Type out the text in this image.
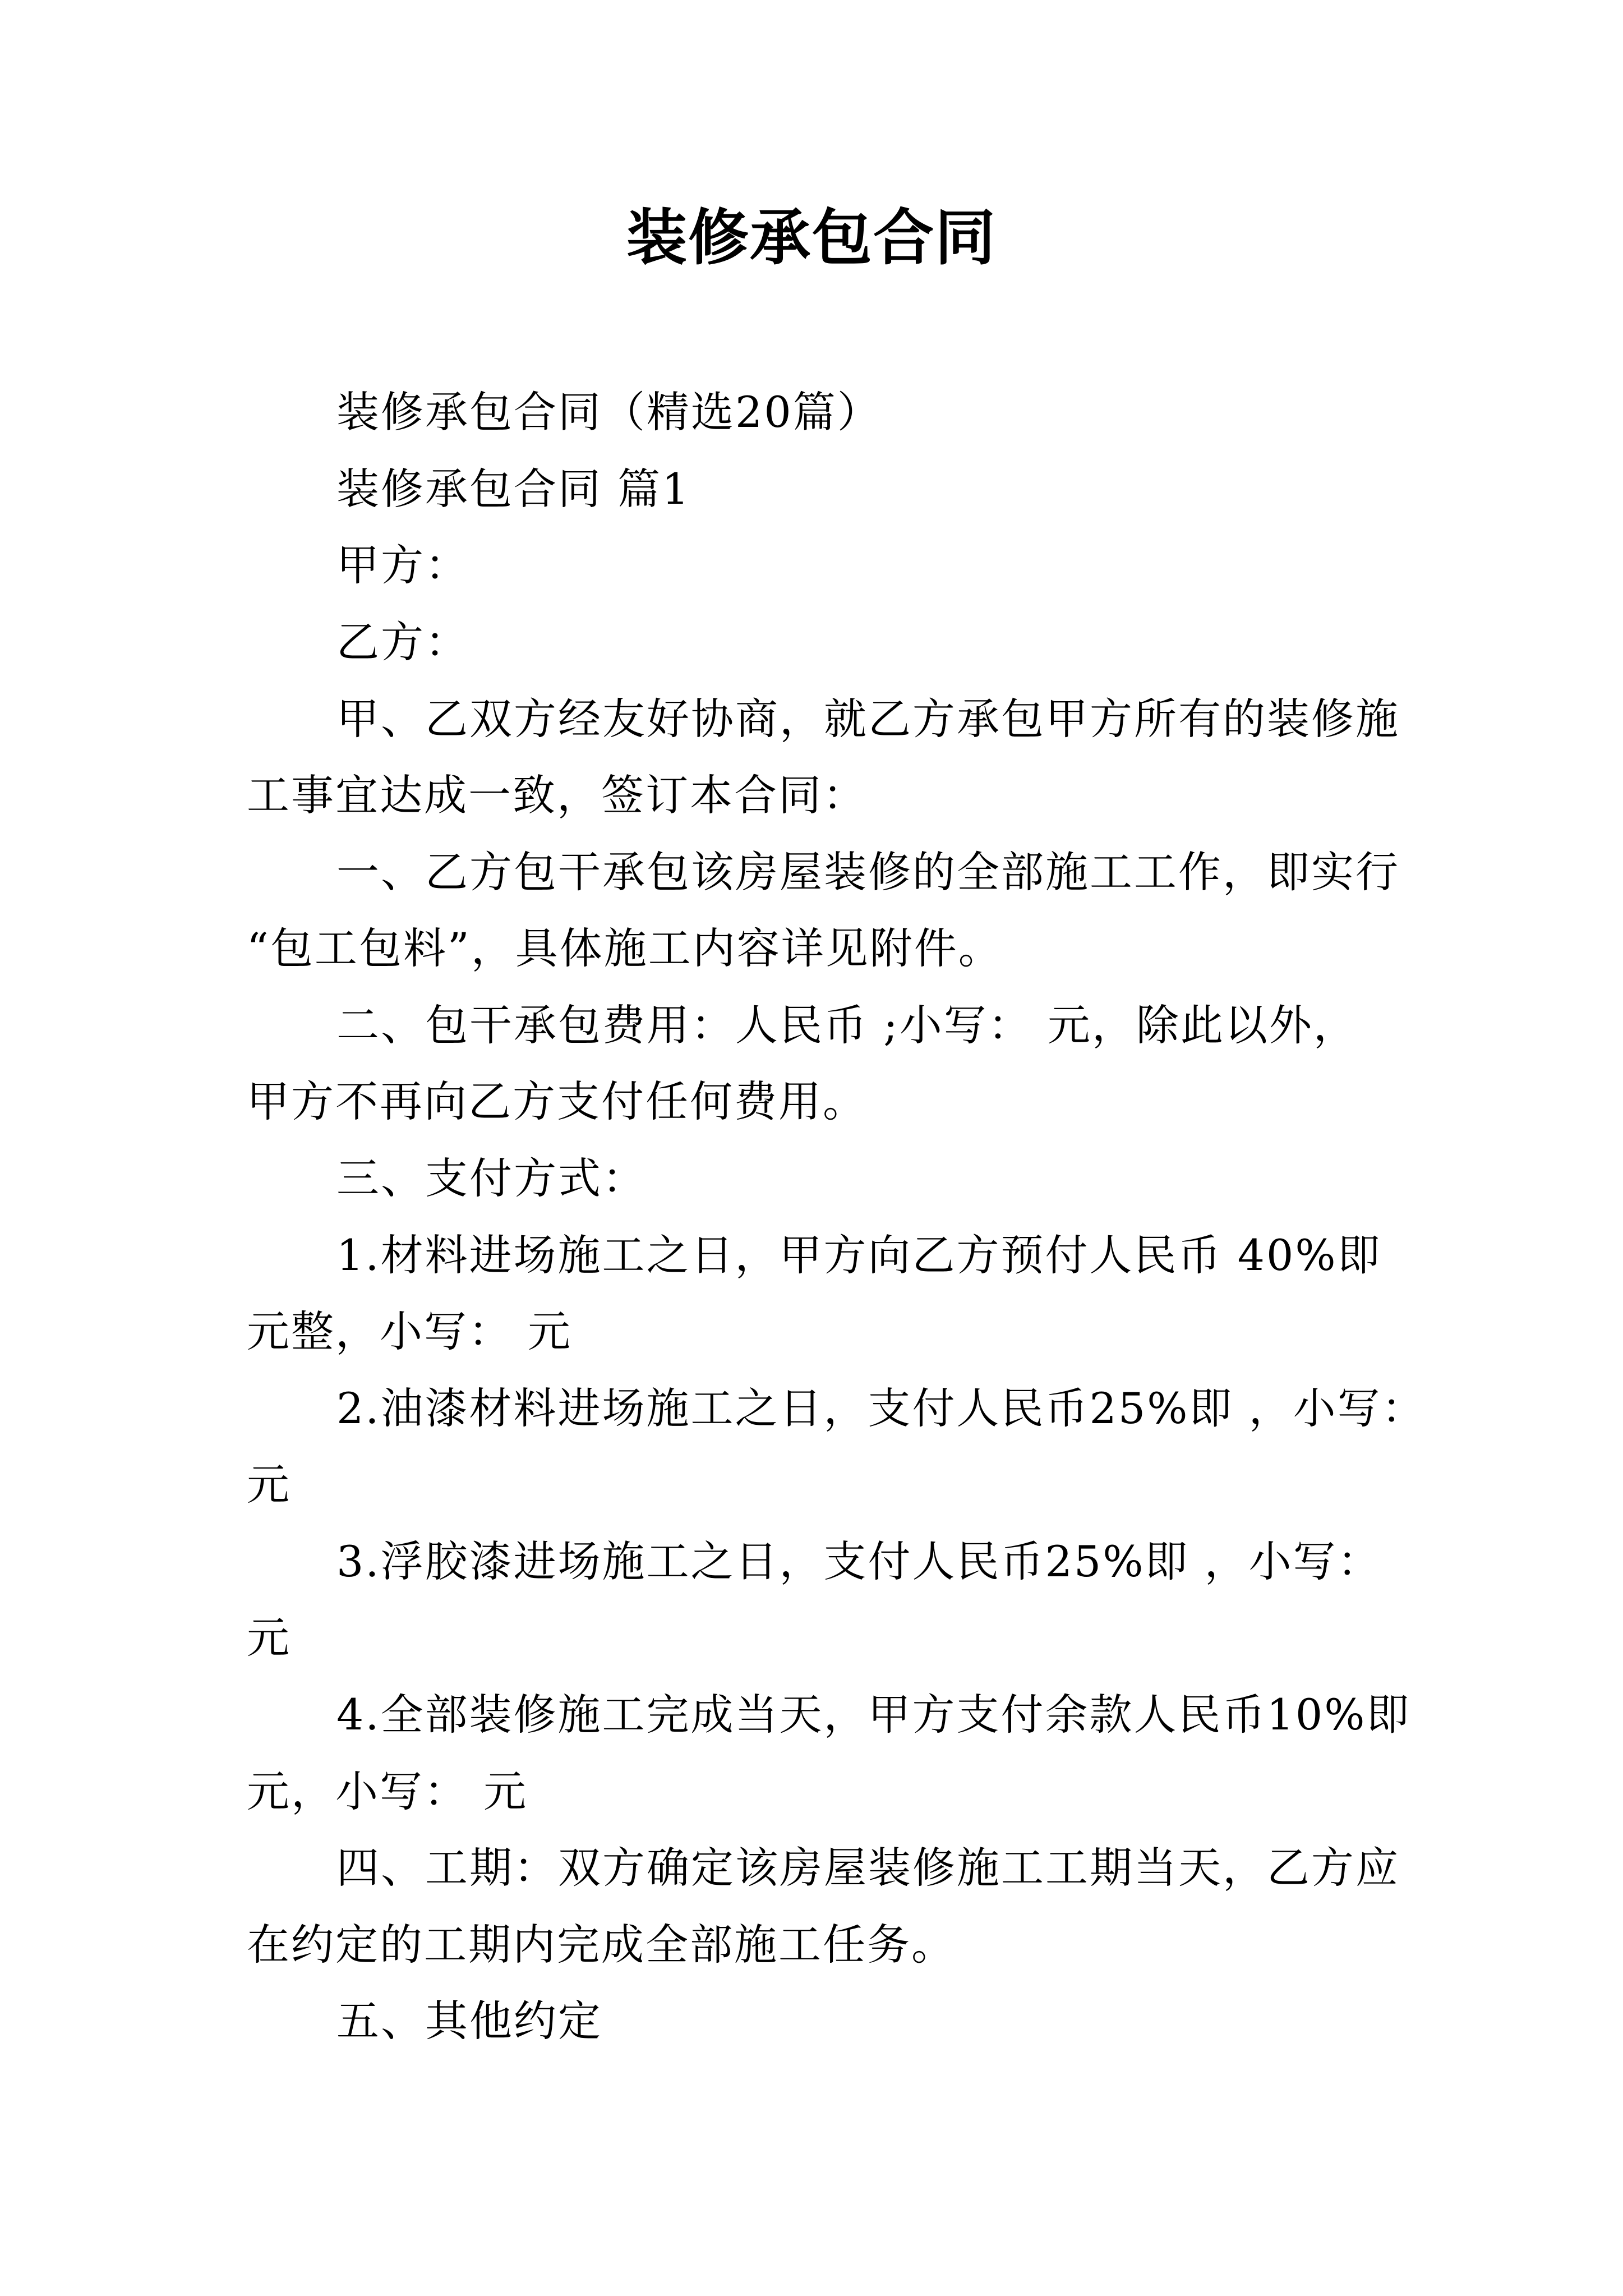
装修承包合同
装修承包合同（精选20篇）
装修承包合同 篇1
甲方：
乙方：
甲、乙双方经友好协商，就乙方承包甲方所有的装修施
工事宜达成一致，签订本合同：
一、乙方包干承包该房屋装修的全部施工工作，即实行
“包工包料”，具体施工内容详见附件。
二、包干承包费用：人民币 ;小写： 元，除此以外，
甲方不再向乙方支付任何费用。
三、支付方式：
1.材料进场施工之日，甲方向乙方预付人民币 40%即
元整，小写： 元
2.油漆材料进场施工之日，支付人民币25%即 ，小写：
元
3.浮胶漆进场施工之日，支付人民币25%即 ，小写：
元
4.全部装修施工完成当天，甲方支付余款人民币10%即
元，小写： 元
四、工期：双方确定该房屋装修施工工期当天，乙方应
在约定的工期内完成全部施工任务。
五、其他约定
